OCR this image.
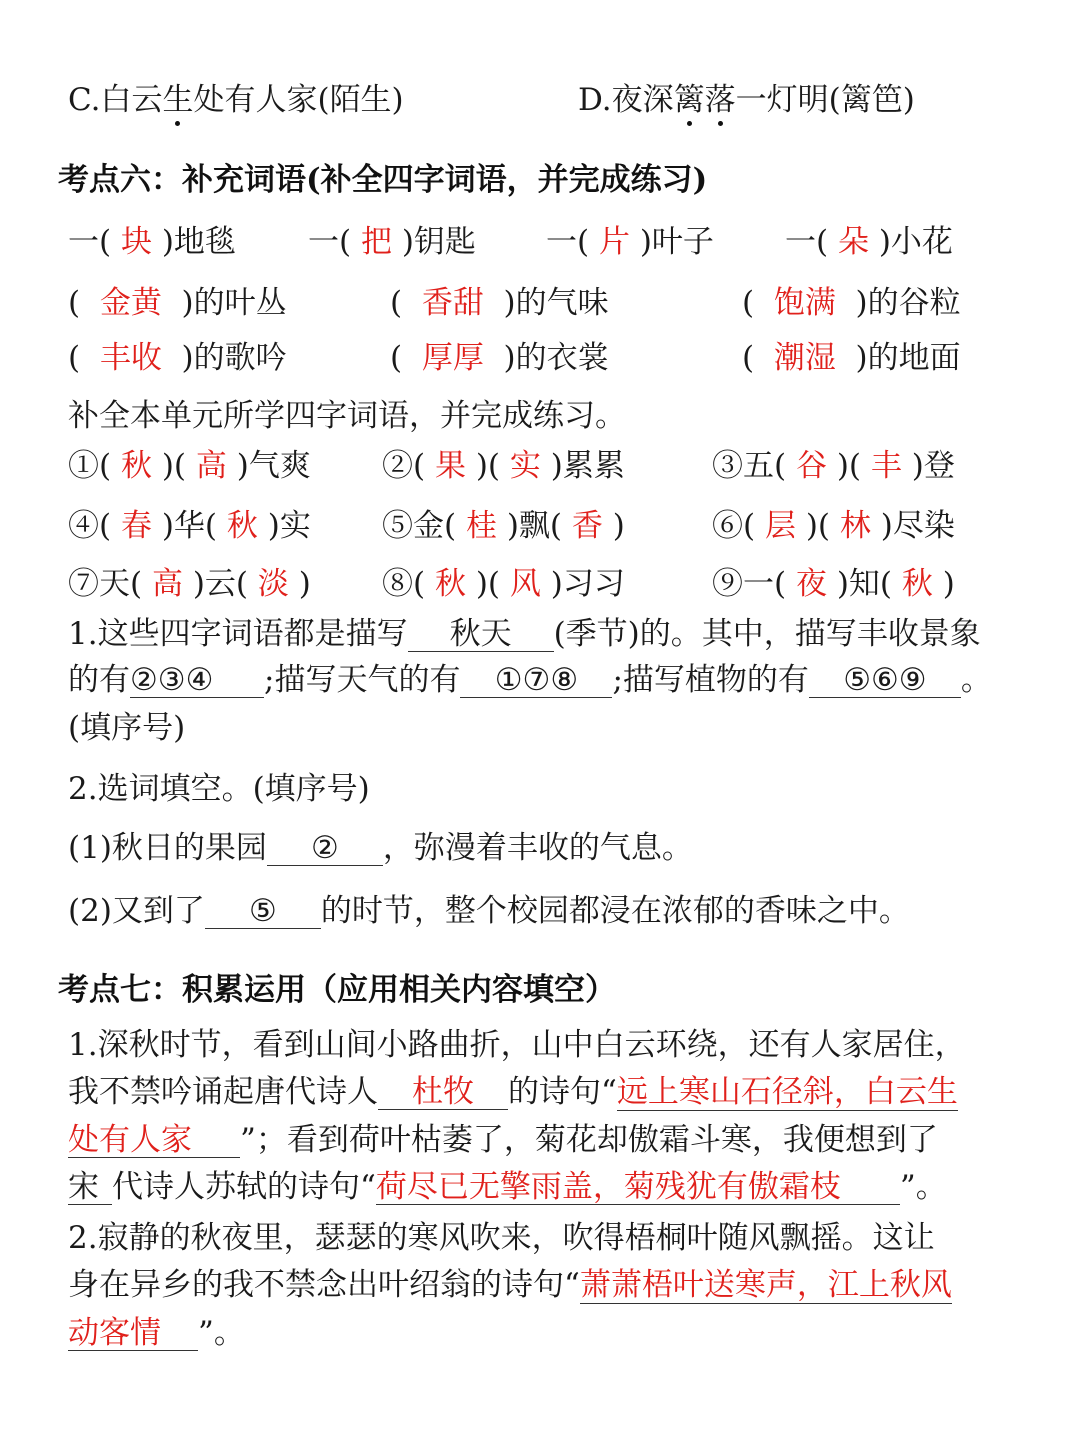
C.白云生处有人家(陌生)	D.夜深篱落一灯明(篱笆)
考点六：补充词语(补全四字词语，并完成练习)
一( 块 )地毯 一( 把 )钥匙 一( 片 )叶子 一( 朵 )小花
( 金黄 )的叶丛	( 香甜 )的气味	( 饱满 )的谷粒
( 丰收 )的歌吟	( 厚厚 )的衣裳	( 潮湿 )的地面
补全本单元所学四字词语，并完成练习。
①( 秋 )( 高 )气爽 ②( 果 )( 实 )累累	③五( 谷 )( 丰 )登
④( 春 )华( 秋 )实 ⑤金( 桂 )飘( 香 )	⑥( 层 )( 林 )尽染
⑦天( 高 )云( 淡 ) ⑧( 秋 )( 风 )习习	⑨一( 夜 )知( 秋 )
1.这些四字词语都是描写 秋天 (季节)的。其中，描写丰收景象
的有②③④ ;描写天气的有 ①⑦⑧ ;描写植物的有 ⑤⑥⑨ 。
(填序号)
2.选词填空。(填序号)
(1)秋日的果园 ② ，弥漫着丰收的气息。
(2)又到了 ⑤ 的时节，整个校园都浸在浓郁的香味之中。
考点七：积累运用（应用相关内容填空）
1.深秋时节，看到山间小路曲折，山中白云环绕，还有人家居住，
我不禁吟诵起唐代诗人 杜牧 的诗句“远上寒山石径斜，白云生
处有人家 ”；看到荷叶枯萎了，菊花却傲霜斗寒，我便想到了
宋 代诗人苏轼的诗句“荷尽已无擎雨盖，菊残犹有傲霜枝 ”。
2.寂静的秋夜里，瑟瑟的寒风吹来，吹得梧桐叶随风飘摇。这让
身在异乡的我不禁念出叶绍翁的诗句“萧萧梧叶送寒声，江上秋风
动客情 ”。
